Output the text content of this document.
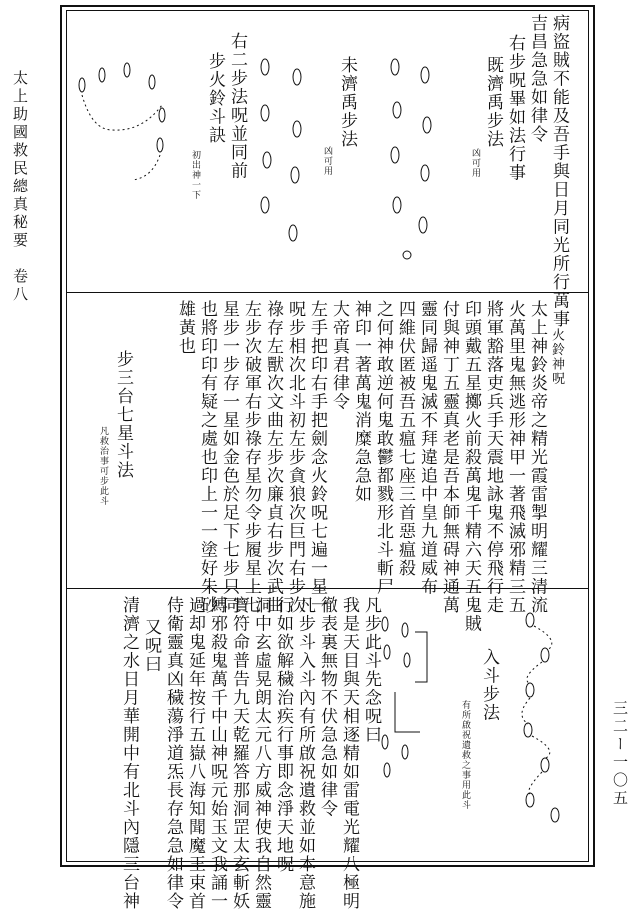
太上助國救民總真秘要　卷八
三二ー一〇五
病盜賊不能及吾手與日月同光所行萬事
吉昌急急如律令
右步呪畢如法行事
既濟禹步法
凶可用
未濟禹步法
凶可用
右二步法呪並同前
步火鈴斗訣
初出神一下
火鈴神呪
太上神鈴炎帝之精光霞雷掣明耀三清流
火萬里鬼無逃形神甲一著飛滅邪精三五
將軍豁落吏兵手天震地詠鬼不停飛行走
印頭戴五星擲火前殺萬鬼千精六天五鬼賊
付與神丁五靈真老是吾本師無碍神通萬
靈同歸遥鬼滅不拜違追中皇九道威布
四維伏匿被吾五瘟七座三首惡瘟殺
之何神敢逆何鬼敢鬱都戮形北斗斬尸
神印一著萬鬼消糜急急如
大帝真君律令
左手把印右手把劍念火鈴呪七遍一星一
呪步相次北斗初左步貪狼次巨門右步次
祿存左獸次文曲左步次廉貞右步次武曲
左步次破軍右步祿存星勿令步履星上七
星步一步存一星如金色於足下七步只同
也將印印有疑之處也印上一一塗好朱砂
雄黃也
步三台七星斗法
凡救治事可步此斗
凡步此斗先念呪曰
我是天目與天相逐精如雷電光耀八極明
徹表裏無物不伏急急如律令
凡步斗入斗內有所啟祝遺救並如本意施
行如欲解穢治疾行事即念淨天地呪
洞中玄虛晃朗太元八方威神使我自然靈
寶符命普告九天乾羅答那洞罡太玄斬妖
縛邪殺鬼萬千中山神呪元始玉文我誦一
過却鬼延年按行五嶽八海知聞魔王束首
侍衛靈真凶穢蕩淨道炁長存急急如律令
又呪曰
清濟之水日月華開中有北斗內隱三台神	入斗步法
有所啟祝遺救之事用此斗
